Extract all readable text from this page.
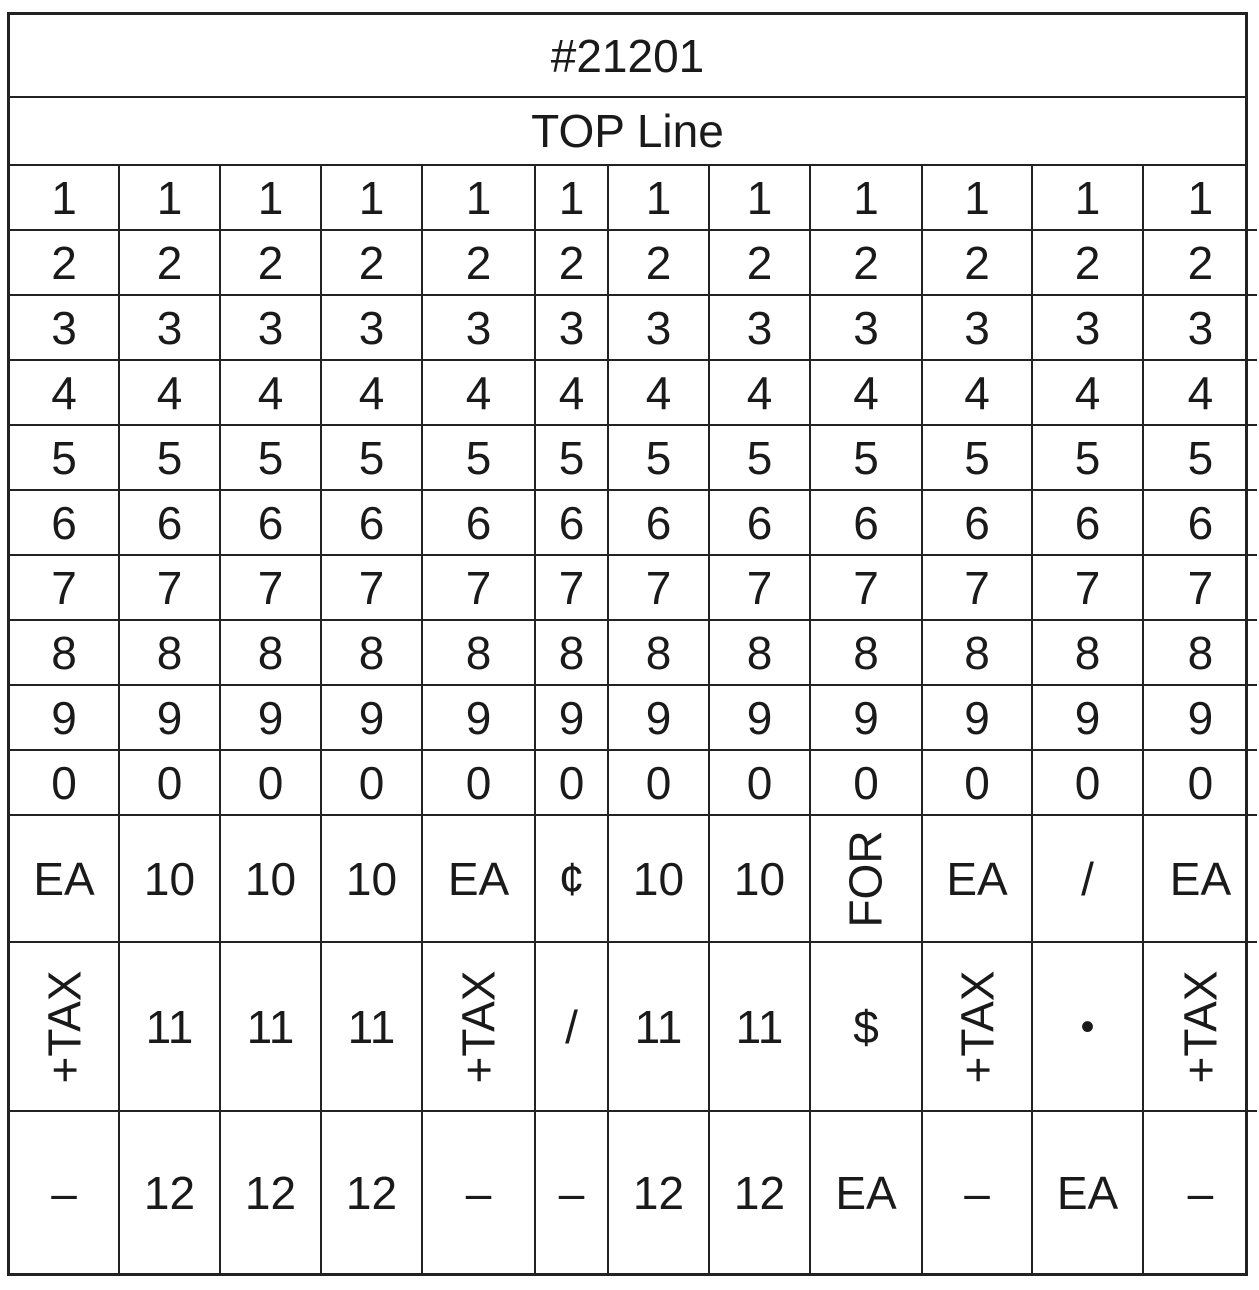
#21201
TOP Line
1 1 1 1 1 1 1 1 1 1 1 1
2 2 2 2 2 2 2 2 2 2 2 2
3 3 3 3 3 3 3 3 3 3 3 3
4 4 4 4 4 4 4 4 4 4 4 4
5 5 5 5 5 5 5 5 5 5 5 5
6 6 6 6 6 6 6 6 6 6 6 6
7 7 7 7 7 7 7 7 7 7 7 7
8 8 8 8 8 8 8 8 8 8 8 8
9 9 9 9 9 9 9 9 9 9 9 9
0 0 0 0 0 0 0 0 0 0 0 0
EA 10 10 10 EA ¢ 10 10 FOR EA / EA
+TAX 11 11 11 +TAX / 11 11 $ +TAX • +TAX
– 12 12 12 – – 12 12 EA – EA –
